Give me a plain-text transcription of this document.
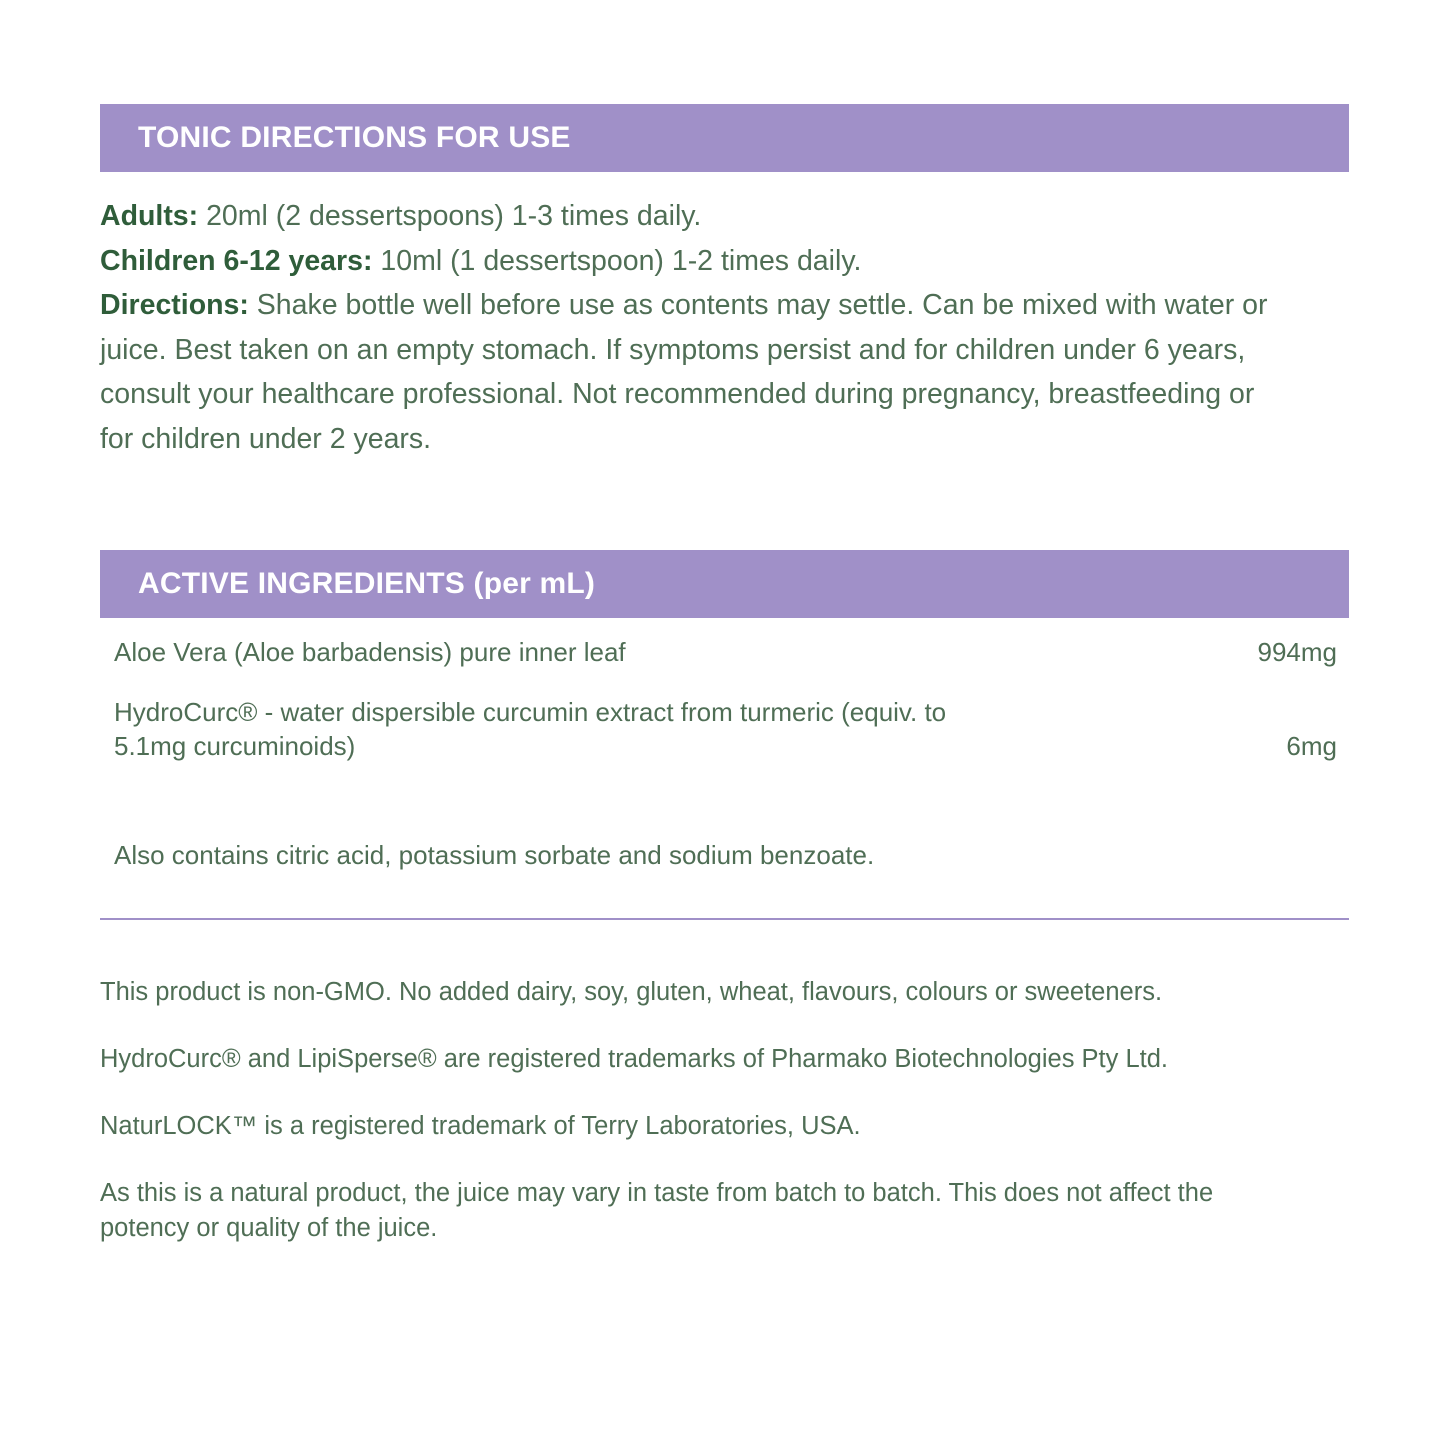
TONIC DIRECTIONS FOR USE

Adults: 20ml (2 dessertspoons) 1-3 times daily.

Children 6-12 years: 10ml (1 dessertspoon) 1-2 times daily.

Directions: Shake bottle well before use as contents may settle. Can be mixed with water or juice. Best taken on an empty stomach. If symptoms persist and for children under 6 years, consult your healthcare professional. Not recommended during pregnancy, breastfeeding or for children under 2 years.

ACTIVE INGREDIENTS (per mL)
Aloe Vera (Aloe barbadensis) pure inner leaf	994mg
HydroCurc® - water dispersible curcumin extract from turmeric (equiv. to 5.1mg curcuminoids)	6mg
Also contains citric acid, potassium sorbate and sodium benzoate.

This product is non-GMO. No added dairy, soy, gluten, wheat, flavours, colours or sweeteners.

HydroCurc® and LipiSperse® are registered trademarks of Pharmako Biotechnologies Pty Ltd.

NaturLOCK™ is a registered trademark of Terry Laboratories, USA.

As this is a natural product, the juice may vary in taste from batch to batch. This does not affect the potency or quality of the juice.
